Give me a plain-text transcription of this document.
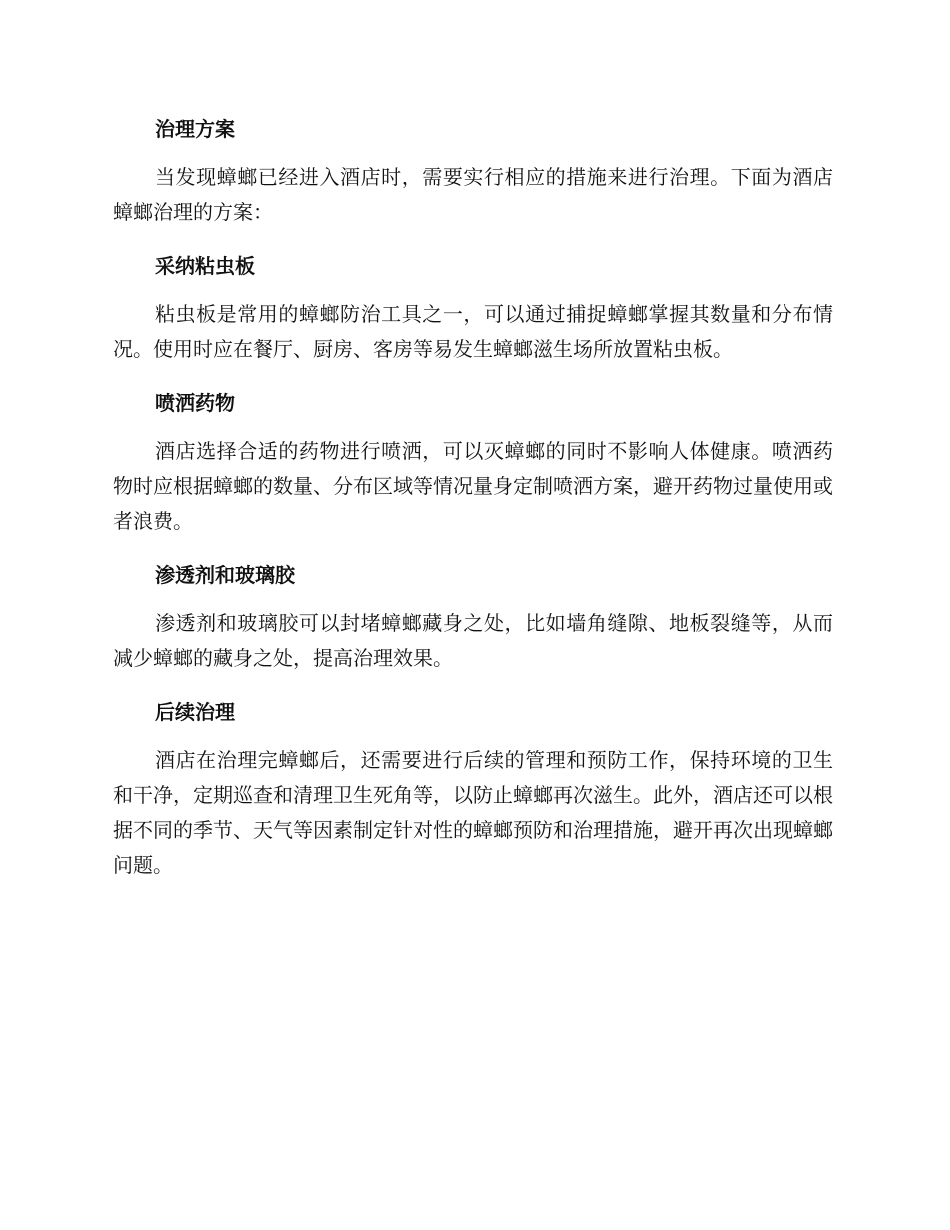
治理方案

当发现蟑螂已经进入酒店时，需要实行相应的措施来进行治理。下面为酒店蟑螂治理的方案：

采纳粘虫板

粘虫板是常用的蟑螂防治工具之一，可以通过捕捉蟑螂掌握其数量和分布情况。使用时应在餐厅、厨房、客房等易发生蟑螂滋生场所放置粘虫板。

喷洒药物

酒店选择合适的药物进行喷洒，可以灭蟑螂的同时不影响人体健康。喷洒药物时应根据蟑螂的数量、分布区域等情况量身定制喷洒方案，避开药物过量使用或者浪费。

渗透剂和玻璃胶

渗透剂和玻璃胶可以封堵蟑螂藏身之处，比如墙角缝隙、地板裂缝等，从而减少蟑螂的藏身之处，提高治理效果。

后续治理

酒店在治理完蟑螂后，还需要进行后续的管理和预防工作，保持环境的卫生和干净，定期巡查和清理卫生死角等，以防止蟑螂再次滋生。此外，酒店还可以根据不同的季节、天气等因素制定针对性的蟑螂预防和治理措施，避开再次出现蟑螂问题。
